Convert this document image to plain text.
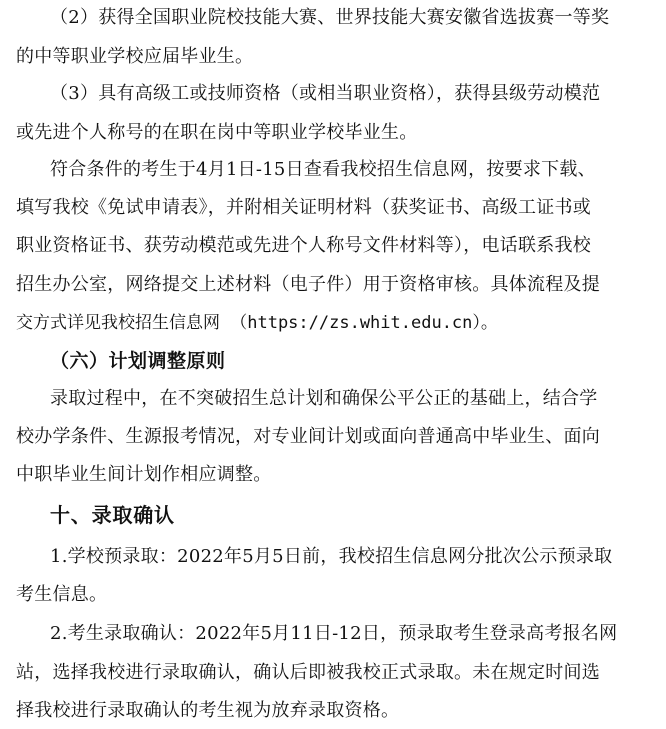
（2）获得全国职业院校技能大赛、世界技能大赛安徽省选拔赛一等奖
的中等职业学校应届毕业生。
（3）具有高级工或技师资格（或相当职业资格），获得县级劳动模范
或先进个人称号的在职在岗中等职业学校毕业生。
符合条件的考生于4月1日-15日查看我校招生信息网，按要求下载、
填写我校《免试申请表》，并附相关证明材料（获奖证书、高级工证书或
职业资格证书、获劳动模范或先进个人称号文件材料等），电话联系我校
招生办公室，网络提交上述材料（电子件）用于资格审核。具体流程及提
交方式详见我校招生信息网 （https://zs.whit.edu.cn）。
（六）计划调整原则
录取过程中，在不突破招生总计划和确保公平公正的基础上，结合学
校办学条件、生源报考情况，对专业间计划或面向普通高中毕业生、面向
中职毕业生间计划作相应调整。
十、录取确认
1.学校预录取：2022年5月5日前，我校招生信息网分批次公示预录取
考生信息。
2.考生录取确认：2022年5月11日-12日，预录取考生登录高考报名网
站，选择我校进行录取确认，确认后即被我校正式录取。未在规定时间选
择我校进行录取确认的考生视为放弃录取资格。
